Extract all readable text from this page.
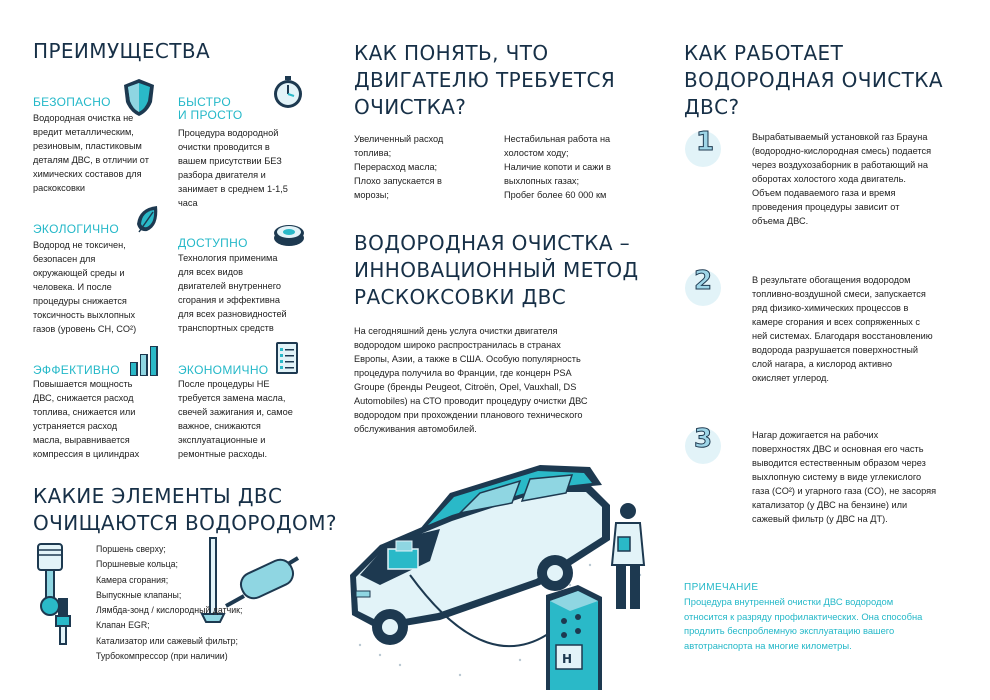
ПРЕИМУЩЕСТВА
БЕЗОПАСНО
Водородная очистка не
вредит металлическим,
резиновым, пластиковым
деталям ДВС, в отличии от
химических составов для
раскоксовки
БЫСТРО
И ПРОСТО
Процедура водородной
очистки проводится в
вашем присутствии БЕЗ
разбора двигателя и
занимает в среднем 1-1,5
часа
ЭКОЛОГИЧНО
Водород не токсичен,
безопасен для
окружающей среды и
человека. И после
процедуры снижается
токсичность выхлопных
газов (уровень CH, CO²)
ДОСТУПНО
Технология применима
для всех видов
двигателей внутреннего
сгорания и эффективна
для всех разновидностей
транспортных средств
ЭФФЕКТИВНО
Повышается мощность
ДВС, снижается расход
топлива, снижается или
устраняется расход
масла, выравнивается
компрессия в цилиндрах
ЭКОНОМИЧНО
После процедуры НЕ
требуется замена масла,
свечей зажигания и, самое
важное, снижаются
эксплуатационные и
ремонтные расходы.
КАКИЕ ЭЛЕМЕНТЫ ДВС
ОЧИЩАЮТСЯ ВОДОРОДОМ?
Поршень сверху;
Поршневые кольца;
Камера сгорания;
Выпускные клапаны;
Лямбда-зонд / кислородный датчик;
Клапан EGR;
Катализатор или сажевый фильтр;
Турбокомпрессор (при наличии)
КАК ПОНЯТЬ, ЧТО
ДВИГАТЕЛЮ ТРЕБУЕТСЯ
ОЧИСТКА?
Увеличенный расход
топлива;
Перерасход масла;
Плохо запускается в
морозы;
Нестабильная работа на
холостом ходу;
Наличие копоти и сажи в
выхлопных газах;
Пробег более 60 000 км
ВОДОРОДНАЯ ОЧИСТКА –
ИННОВАЦИОННЫЙ МЕТОД
РАСКОКСОВКИ ДВС
На сегодняшний день услуга очистки двигателя
водородом широко распространилась в странах
Европы, Азии, а также в США. Особую популярность
процедура получила во Франции, где концерн PSA
Groupe (бренды Peugeot, Citroën, Opel, Vauxhall, DS
Automobiles) на СТО проводит процедуру очистки ДВС
водородом при прохождении планового технического
обслуживания автомобилей.
H
КАК РАБОТАЕТ
ВОДОРОДНАЯ ОЧИСТКА
ДВС?
1	Вырабатываемый установкой газ Брауна
(водородно-кислородная смесь) подается
через воздухозаборник в работающий на
оборотах холостого хода двигатель.
Объем подаваемого газа и время
проведения процедуры зависит от
объема ДВС.
2	В результате обогащения водородом
топливно-воздушной смеси, запускается
ряд физико-химических процессов в
камере сгорания и всех сопряженных с
ней системах. Благодаря восстановлению
водорода разрушается поверхностный
слой нагара, а кислород активно
окисляет углерод.
3	Нагар дожигается на рабочих
поверхностях ДВС и основная его часть
выводится естественным образом через
выхлопную систему в виде углекислого
газа (CO²) и угарного газа (CO), не засоряя
катализатор (у ДВС на бензине) или
сажевый фильтр (у ДВС на ДТ).
ПРИМЕЧАНИЕ
Процедура внутренней очистки ДВС водородом
относится к разряду профилактических. Она способна
продлить беспроблемную эксплуатацию вашего
автотранспорта на многие километры.
